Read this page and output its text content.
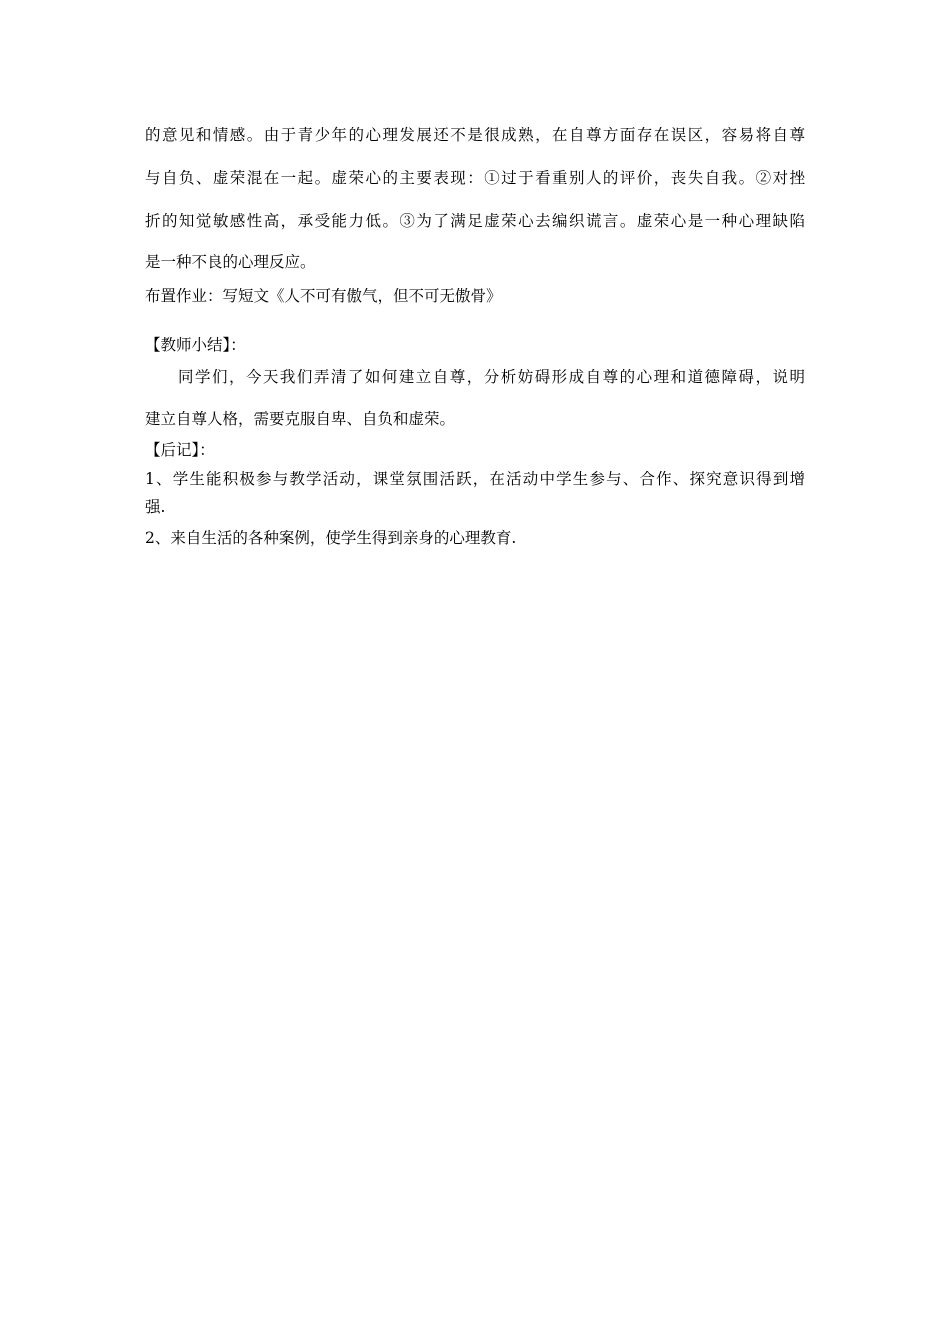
的意见和情感。由于青少年的心理发展还不是很成熟，在自尊方面存在误区，容易将自尊
与自负、虚荣混在一起。虚荣心的主要表现：①过于看重别人的评价，丧失自我。②对挫
折的知觉敏感性高，承受能力低。③为了满足虚荣心去编织谎言。虚荣心是一种心理缺陷
是一种不良的心理反应。
布置作业：写短文《人不可有傲气，但不可无傲骨》
【教师小结】：
同学们，今天我们弄清了如何建立自尊，分析妨碍形成自尊的心理和道德障碍，说明
建立自尊人格，需要克服自卑、自负和虚荣。
【后记】：
1、学生能积极参与教学活动，课堂氛围活跃，在活动中学生参与、合作、探究意识得到增
强.
2、来自生活的各种案例，使学生得到亲身的心理教育.
